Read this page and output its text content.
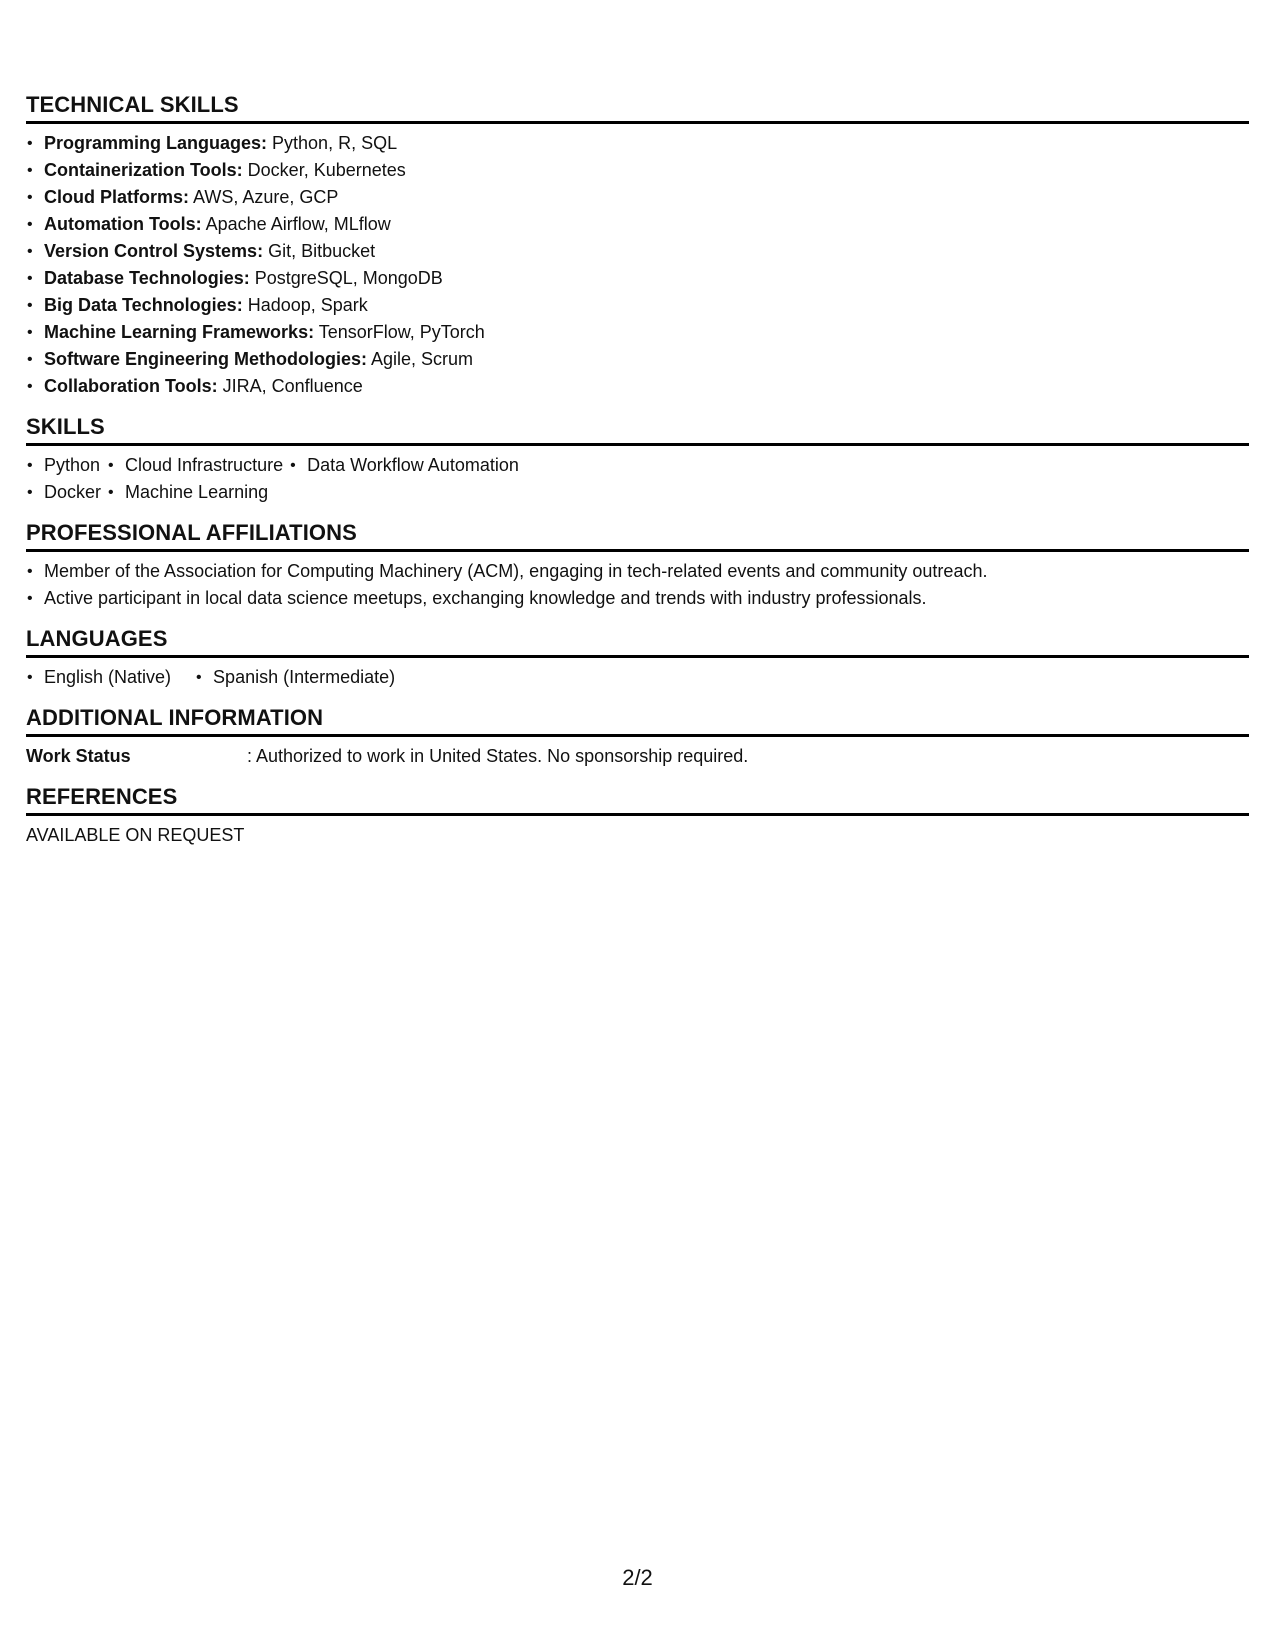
TECHNICAL SKILLS
• Programming Languages: Python, R, SQL
• Containerization Tools: Docker, Kubernetes
• Cloud Platforms: AWS, Azure, GCP
• Automation Tools: Apache Airflow, MLflow
• Version Control Systems: Git, Bitbucket
• Database Technologies: PostgreSQL, MongoDB
• Big Data Technologies: Hadoop, Spark
• Machine Learning Frameworks: TensorFlow, PyTorch
• Software Engineering Methodologies: Agile, Scrum
• Collaboration Tools: JIRA, Confluence
SKILLS
• Python • Cloud Infrastructure • Data Workflow Automation
• Docker • Machine Learning
PROFESSIONAL AFFILIATIONS
• Member of the Association for Computing Machinery (ACM), engaging in tech-related events and community outreach.
• Active participant in local data science meetups, exchanging knowledge and trends with industry professionals.
LANGUAGES
• English (Native) • Spanish (Intermediate)
ADDITIONAL INFORMATION
Work Status	: Authorized to work in United States. No sponsorship required.
REFERENCES
AVAILABLE ON REQUEST
2/2
